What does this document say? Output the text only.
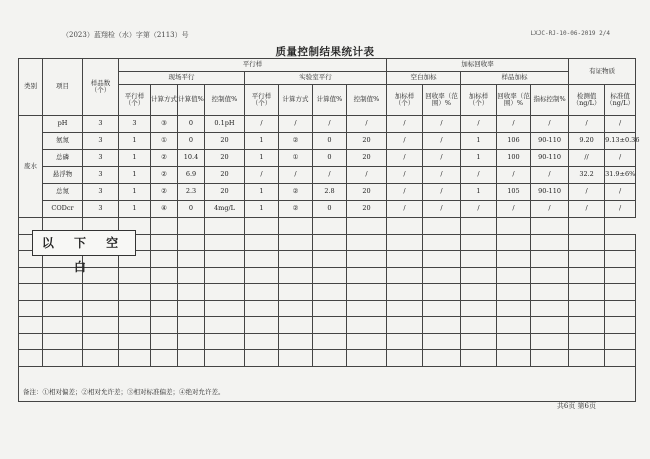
（2023）蓝翔检（水）字第（2113）号	LXJC-RJ-10-06-2019 2/4
质量控制结果统计表
类别	项目	样品数（个）	平行样								加标回收率					有证物质	
			现场平行				实验室平行				空白加标		样品加标				
			平行样（个）	计算方式	计算值%	控制值%	平行样（个）	计算方式	计算值%	控制值%	加标样（个）	回收率（范围）%	加标样（个）	回收率（范围）%	指标控制%	检测值（ng/L）	标准值（ng/L）
废水	pH	3	3	③	0	0.1pH	/	/	/	/	/	/	/	/	/	/	/
	氨氮	3	1	①	0	20	1	②	0	20	/	/	1	106	90-110	9.20	9.13±0.36
	总磷	3	1	②	10.4	20	1	①	0	20	/	/	1	100	90-110	//	/
	悬浮物	3	1	②	6.9	20	/	/	/	/	/	/	/	/	/	32.2	31.9±6%
	总氮	3	1	②	2.3	20	1	②	2.8	20	/	/	1	105	90-110	/	/
	CODcr	3	1	④	0	4mg/L	1	②	0	20	/	/	/	/	/	/	/

备注：①相对偏差；②相对允许差；③相对标准偏差；④绝对允许差。																	
以 下 空 白
共6页 第6页
